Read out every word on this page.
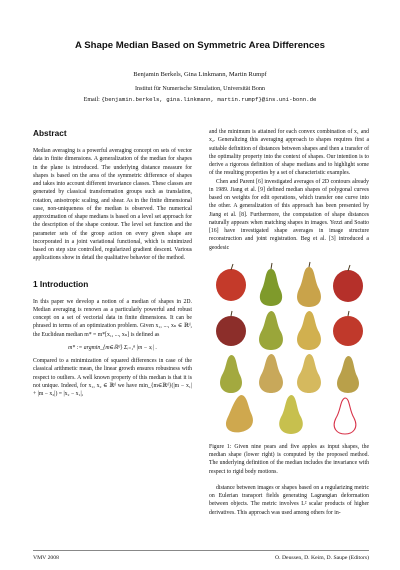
A Shape Median Based on Symmetric Area Differences
Benjamin Berkels, Gina Linkmann, Martin Rumpf
Institut für Numerische Simulation, Universität Bonn
Email: {benjamin.berkels, gina.linkmann, martin.rumpf}@ins.uni-bonn.de
Abstract

Median averaging is a powerful averaging concept on sets of vector data in finite dimensions. A generalization of the median for shapes in the plane is introduced. The underlying distance measure for shapes is based on the area of the symmetric difference of shapes and takes into account different invariance classes. These classes are generated by classical transformation groups such as translation, rotation, anisotropic scaling, and shear. As in the finite dimensional case, non-uniqueness of the median is observed. The numerical approximation of shape medians is based on a level set approach for the description of the shape contour. The level set function and the parameter sets of the group action on every given shape are incorporated in a joint variational functional, which is minimized based on step size controlled, regularized gradient descent. Various applications show in detail the qualitative behavior of the method.

1 Introduction

In this paper we develop a notion of a median of shapes in 2D. Median averaging is renown as a particularly powerful and robust concept on a set of vectorial data in finite dimensions. It can be phrased in terms of an optimization problem. Given x₁, ..., xₙ ∈ ℝᵈ, the Euclidean median m* = m*[x₁, ..., xₙ] is defined as

m* := argmin_{m∈ℝᵈ} Σᵢ₌₁ⁿ |m − xᵢ| .

Compared to a minimization of squared differences in case of the classical arithmetic mean, the linear growth ensures robustness with respect to outliers. A well known property of this median is that it is not unique. Indeed, for x₁, x₂ ∈ ℝᵈ we have min_{m∈ℝᵈ}(|m − x₁| + |m − x₂|) = |x₂ − x₁|,

and the minimum is attained for each convex combination of x₁ and x₂. Generalizing this averaging approach to shapes requires first a suitable definition of distances between shapes and then a transfer of the optimality property into the context of shapes. Our intention is to derive a rigorous definition of shape medians and to highlight some of the resulting properties by a set of characteristic examples.

Chen and Parent [6] investigated averages of 2D contours already in 1989. Jiang et al. [9] defined median shapes of polygonal curves based on weights for edit operations, which transfer one curve into the other. A generalization of this approach has been presented by Jiang et al. [8]. Furthermore, the computation of shape distances naturally appears when matching shapes in images. Yezzi and Soatto [16] have investigated shape averages in image structure reconstruction and joint registration. Beg et al. [3] introduced a geodesic

Figure 1: Given nine pears and five apples as input shapes, the median shape (lower right) is computed by the proposed method. The underlying definition of the median includes the invariance with respect to rigid body motions.

distance between images or shapes based on a regularizing metric on Eulerian transport fields generating Lagrangian deformation between objects. The metric involves L² scalar products of higher derivatives. This approach was used among others for in-

VMV 2008	O. Deussen, D. Keim, D. Saupe (Editors)
